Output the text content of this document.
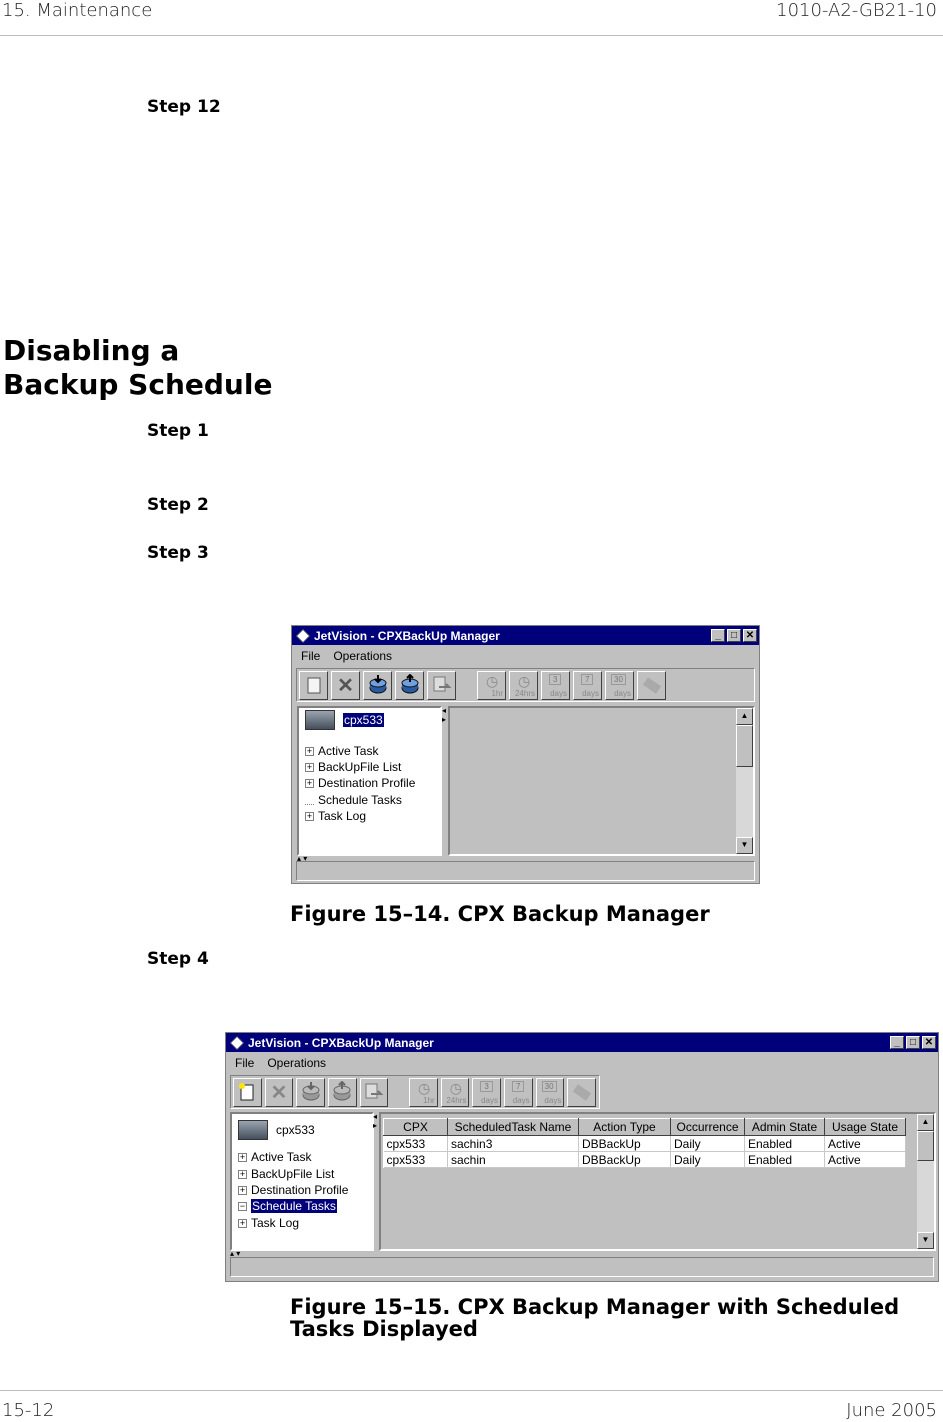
15. Maintenance	1010-A2-GB21-10
Step 12
Disabling a
Backup Schedule
Step 1
Step 2
Step 3
JetVision - CPXBackUp Manager	_	□ ✕
File Operations
✕	◷
1hr
◷
24hrs
3
days
7
days
30
days
cpx533
+ Active Task
+ BackUpFile List
+ Destination Profile
Schedule Tasks
+ Task Log
◂
▸
▴ ▾
▲
▼
Figure 15–14. CPX Backup Manager
Step 4
JetVision - CPXBackUp Manager	_	□ ✕
File Operations
✕	◷
1hr
◷
24hrs
3
days
7
days
30
days
cpx533
+ Active Task
+ BackUpFile List
+ Destination Profile
− Schedule Tasks
+ Task Log
◂
▸
▴ ▾
CPX	ScheduledTask Name	Action Type	Occurrence	Admin State	Usage State
cpx533	sachin3	DBBackUp	Daily	Enabled	Active
cpx533	sachin	DBBackUp	Daily	Enabled	Active
▲
▼
Figure 15–15. CPX Backup Manager with Scheduled
Tasks Displayed
15-12	June 2005
